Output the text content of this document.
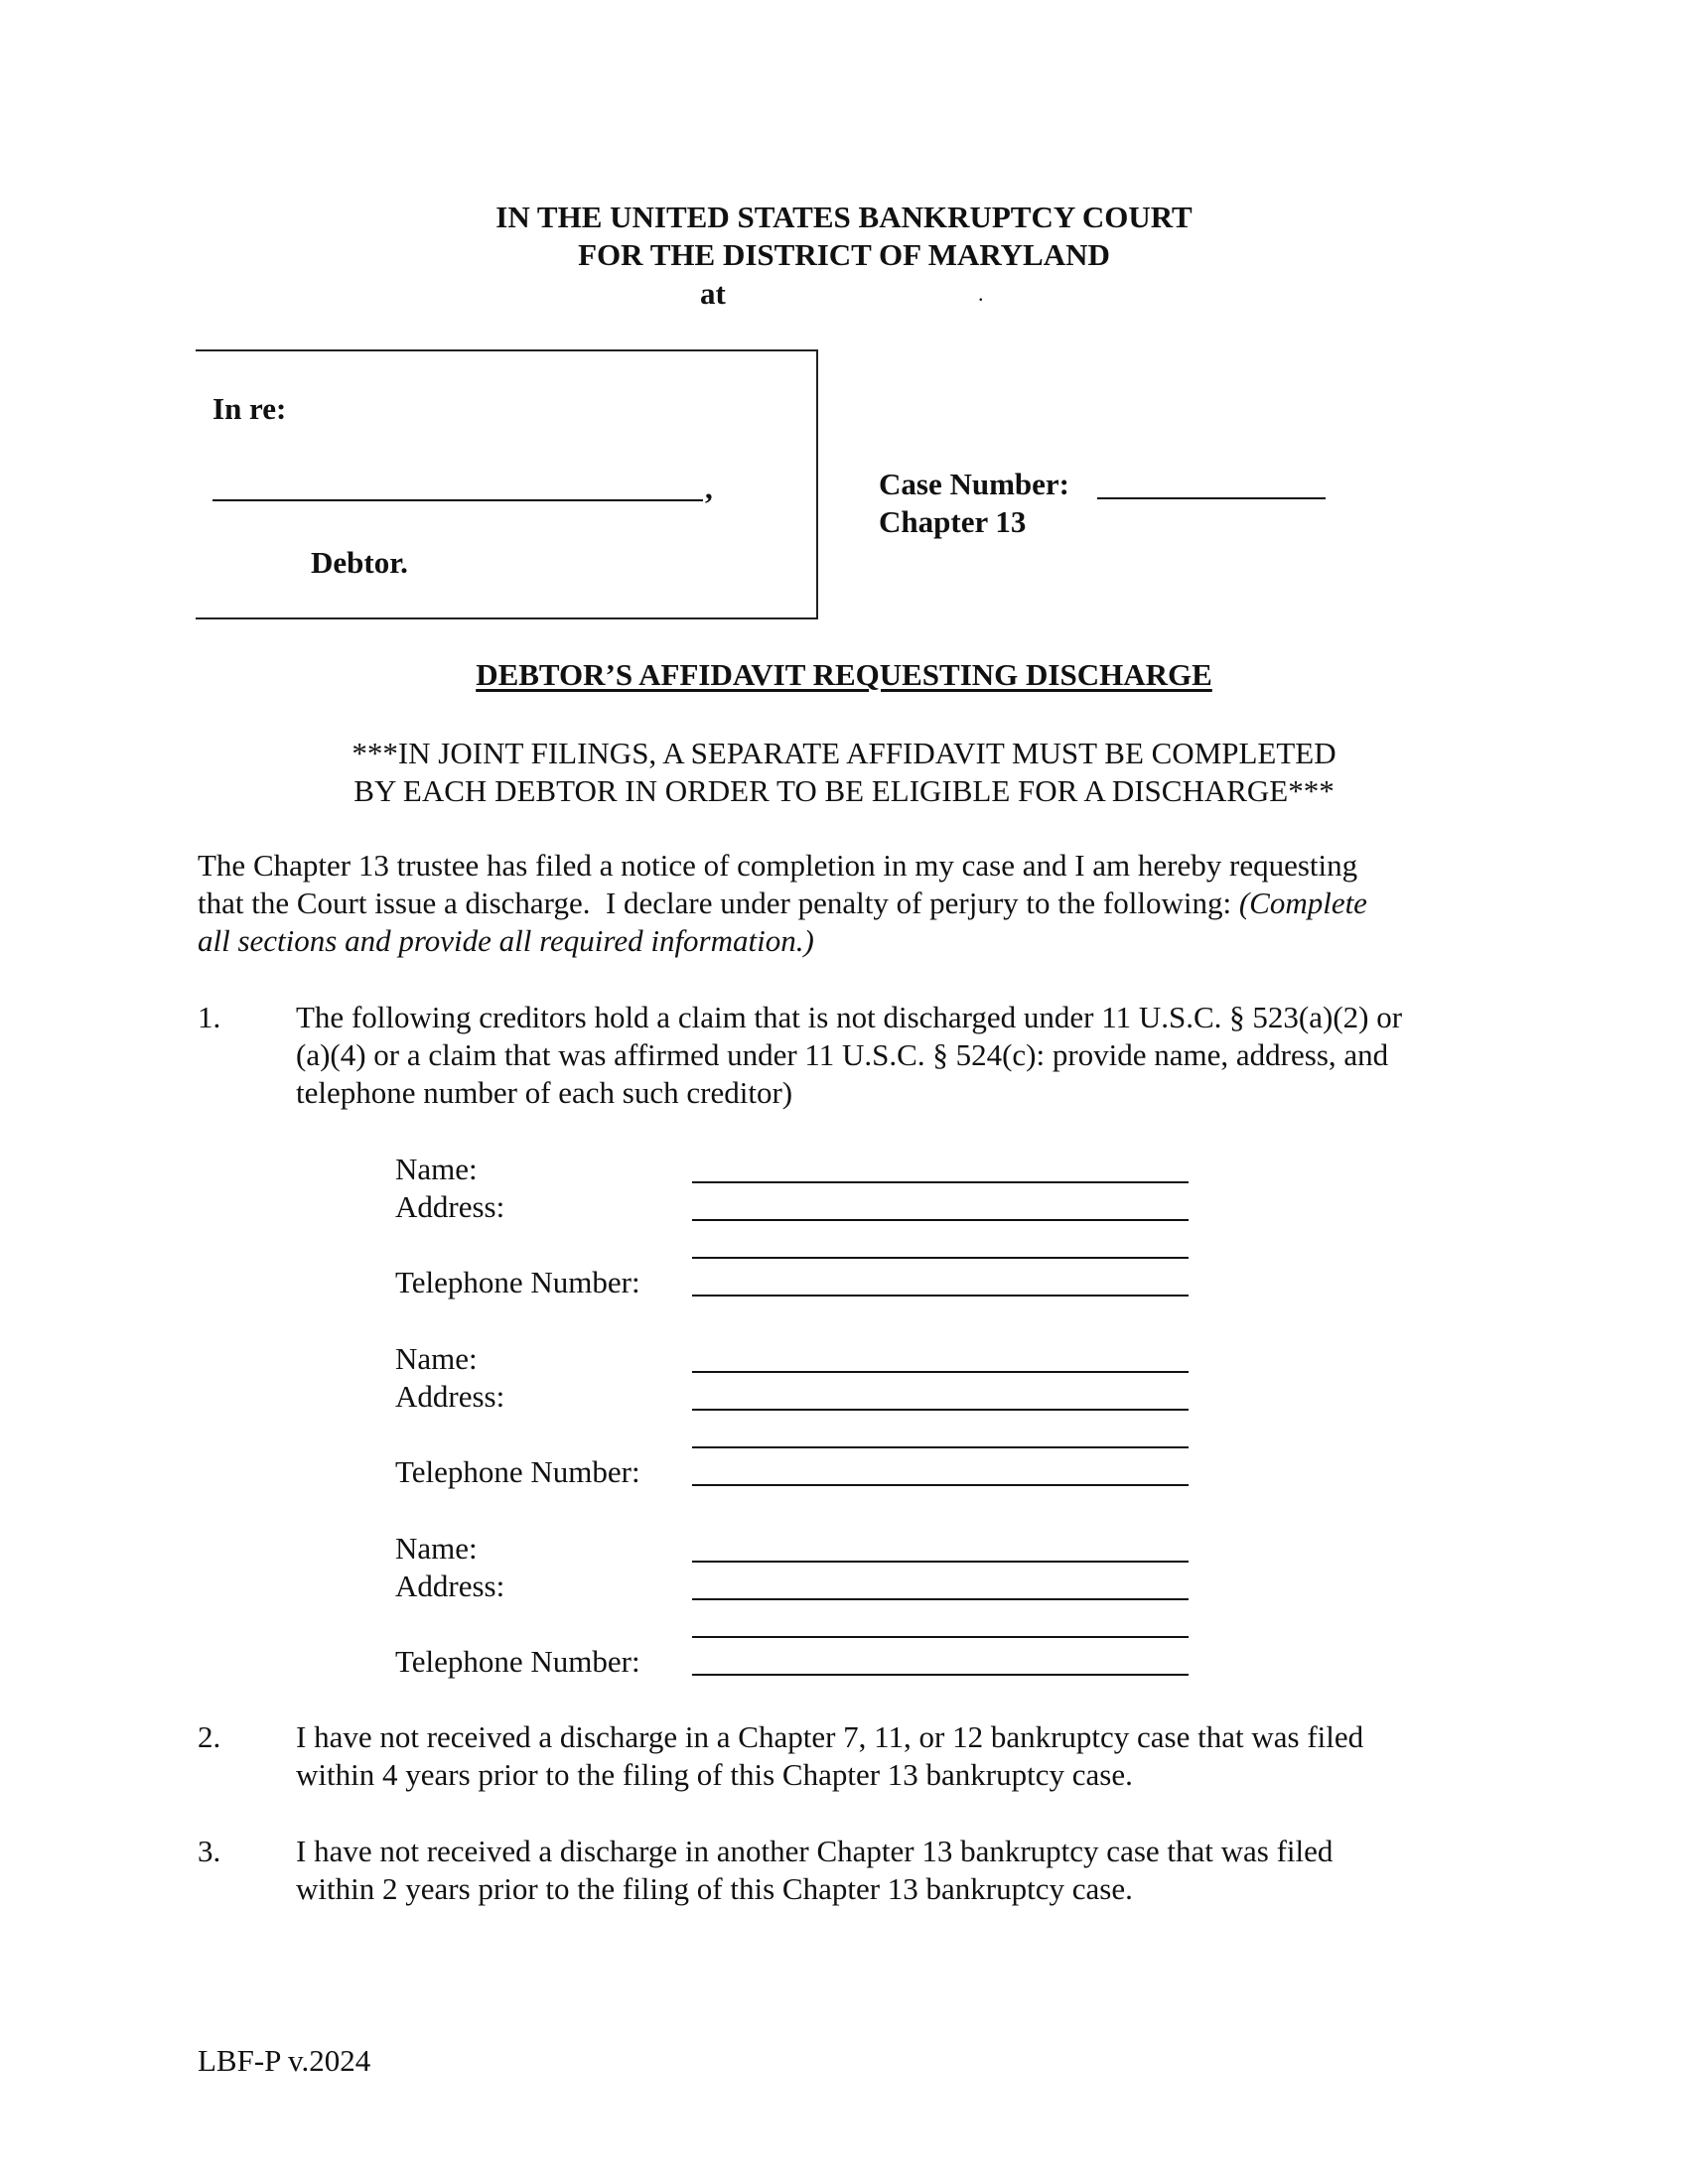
IN THE UNITED STATES BANKRUPTCY COURT
FOR THE DISTRICT OF MARYLAND
at	.
In re:
,
Debtor.
Case Number:
Chapter 13
DEBTOR’S AFFIDAVIT REQUESTING DISCHARGE
***IN JOINT FILINGS, A SEPARATE AFFIDAVIT MUST BE COMPLETED
BY EACH DEBTOR IN ORDER TO BE ELIGIBLE FOR A DISCHARGE***
The Chapter 13 trustee has filed a notice of completion in my case and I am hereby requesting
that the Court issue a discharge.  I declare under penalty of perjury to the following: (Complete
all sections and provide all required information.)
1. The following creditors hold a claim that is not discharged under 11 U.S.C. § 523(a)(2) or
(a)(4) or a claim that was affirmed under 11 U.S.C. § 524(c): provide name, address, and
telephone number of each such creditor)
Name:
Address:
Telephone Number:
Name:
Address:
Telephone Number:
Name:
Address:
Telephone Number:
2. I have not received a discharge in a Chapter 7, 11, or 12 bankruptcy case that was filed
within 4 years prior to the filing of this Chapter 13 bankruptcy case.
3. I have not received a discharge in another Chapter 13 bankruptcy case that was filed
within 2 years prior to the filing of this Chapter 13 bankruptcy case.
LBF-P v.2024
